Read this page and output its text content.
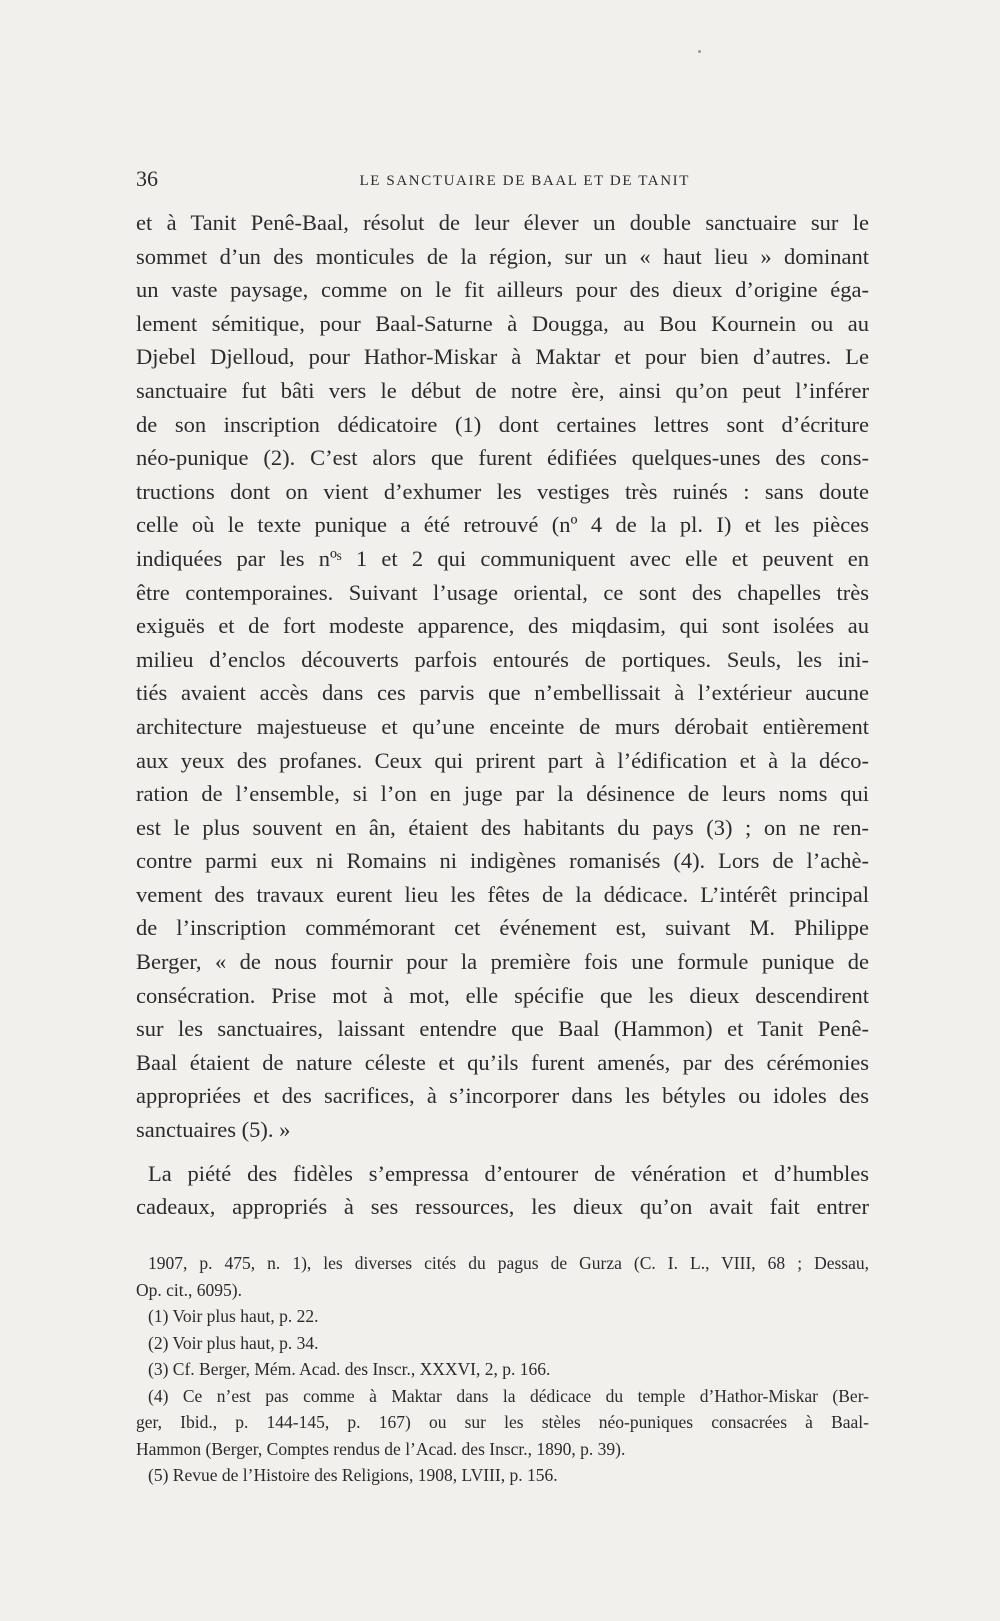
36	LE SANCTUAIRE DE BAAL ET DE TANIT
et à Tanit Penê-Baal, résolut de leur élever un double sanctuaire sur le
sommet d’un des monticules de la région, sur un « haut lieu » dominant
un vaste paysage, comme on le fit ailleurs pour des dieux d’origine éga-
lement sémitique, pour Baal-Saturne à Dougga, au Bou Kournein ou au
Djebel Djelloud, pour Hathor-Miskar à Maktar et pour bien d’autres. Le
sanctuaire fut bâti vers le début de notre ère, ainsi qu’on peut l’inférer
de son inscription dédicatoire (1) dont certaines lettres sont d’écriture
néo-punique (2). C’est alors que furent édifiées quelques-unes des cons-
tructions dont on vient d’exhumer les vestiges très ruinés : sans doute
celle où le texte punique a été retrouvé (nº 4 de la pl. I) et les pièces
indiquées par les nºˢ 1 et 2 qui communiquent avec elle et peuvent en
être contemporaines. Suivant l’usage oriental, ce sont des chapelles très
exiguës et de fort modeste apparence, des miqdasim, qui sont isolées au
milieu d’enclos découverts parfois entourés de portiques. Seuls, les ini-
tiés avaient accès dans ces parvis que n’embellissait à l’extérieur aucune
architecture majestueuse et qu’une enceinte de murs dérobait entièrement
aux yeux des profanes. Ceux qui prirent part à l’édification et à la déco-
ration de l’ensemble, si l’on en juge par la désinence de leurs noms qui
est le plus souvent en ân, étaient des habitants du pays (3) ; on ne ren-
contre parmi eux ni Romains ni indigènes romanisés (4). Lors de l’achè-
vement des travaux eurent lieu les fêtes de la dédicace. L’intérêt principal
de l’inscription commémorant cet événement est, suivant M. Philippe
Berger, « de nous fournir pour la première fois une formule punique de
consécration. Prise mot à mot, elle spécifie que les dieux descendirent
sur les sanctuaires, laissant entendre que Baal (Hammon) et Tanit Penê-
Baal étaient de nature céleste et qu’ils furent amenés, par des cérémonies
appropriées et des sacrifices, à s’incorporer dans les bétyles ou idoles des
sanctuaires (5). »
La piété des fidèles s’empressa d’entourer de vénération et d’humbles
cadeaux, appropriés à ses ressources, les dieux qu’on avait fait entrer
1907, p. 475, n. 1), les diverses cités du pagus de Gurza (C. I. L., VIII, 68 ; Dessau,
Op. cit., 6095).
(1) Voir plus haut, p. 22.
(2) Voir plus haut, p. 34.
(3) Cf. Berger, Mém. Acad. des Inscr., XXXVI, 2, p. 166.
(4) Ce n’est pas comme à Maktar dans la dédicace du temple d’Hathor-Miskar (Ber-
ger, Ibid., p. 144-145, p. 167) ou sur les stèles néo-puniques consacrées à Baal-
Hammon (Berger, Comptes rendus de l’Acad. des Inscr., 1890, p. 39).
(5) Revue de l’Histoire des Religions, 1908, LVIII, p. 156.
